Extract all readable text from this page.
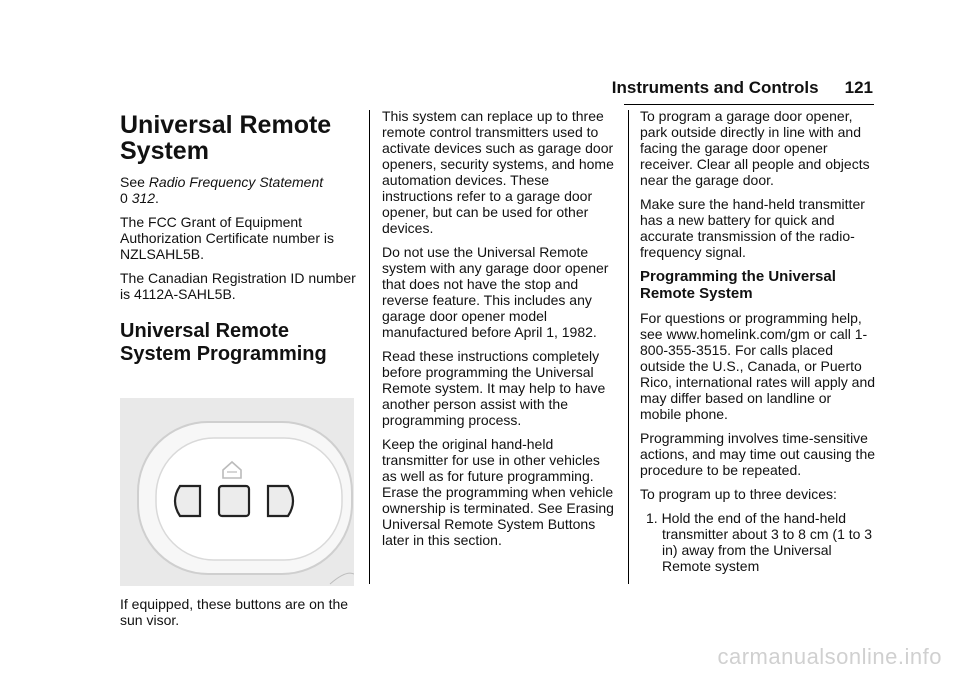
Instruments and Controls 121
Universal Remote System

See Radio Frequency Statement
0 312.

The FCC Grant of Equipment Authorization Certificate number is NZLSAHL5B.

The Canadian Registration ID number is 4112A-SAHL5B.

Universal Remote System Programming

If equipped, these buttons are on the sun visor.

This system can replace up to three remote control transmitters used to activate devices such as garage door openers, security systems, and home automation devices. These instructions refer to a garage door opener, but can be used for other devices.

Do not use the Universal Remote system with any garage door opener that does not have the stop and reverse feature. This includes any garage door opener model manufactured before April 1, 1982.

Read these instructions completely before programming the Universal Remote system. It may help to have another person assist with the programming process.

Keep the original hand-held transmitter for use in other vehicles as well as for future programming. Erase the programming when vehicle ownership is terminated. See Erasing Universal Remote System Buttons later in this section.

To program a garage door opener, park outside directly in line with and facing the garage door opener receiver. Clear all people and objects near the garage door.

Make sure the hand-held transmitter has a new battery for quick and accurate transmission of the radio-frequency signal.

Programming the Universal Remote System

For questions or programming help, see www.homelink.com/gm or call 1-800-355-3515. For calls placed outside the U.S., Canada, or Puerto Rico, international rates will apply and may differ based on landline or mobile phone.

Programming involves time-sensitive actions, and may time out causing the procedure to be repeated.

To program up to three devices:

1. Hold the end of the hand-held transmitter about 3 to 8 cm (1 to 3 in) away from the Universal Remote system

carmanualsonline.info
